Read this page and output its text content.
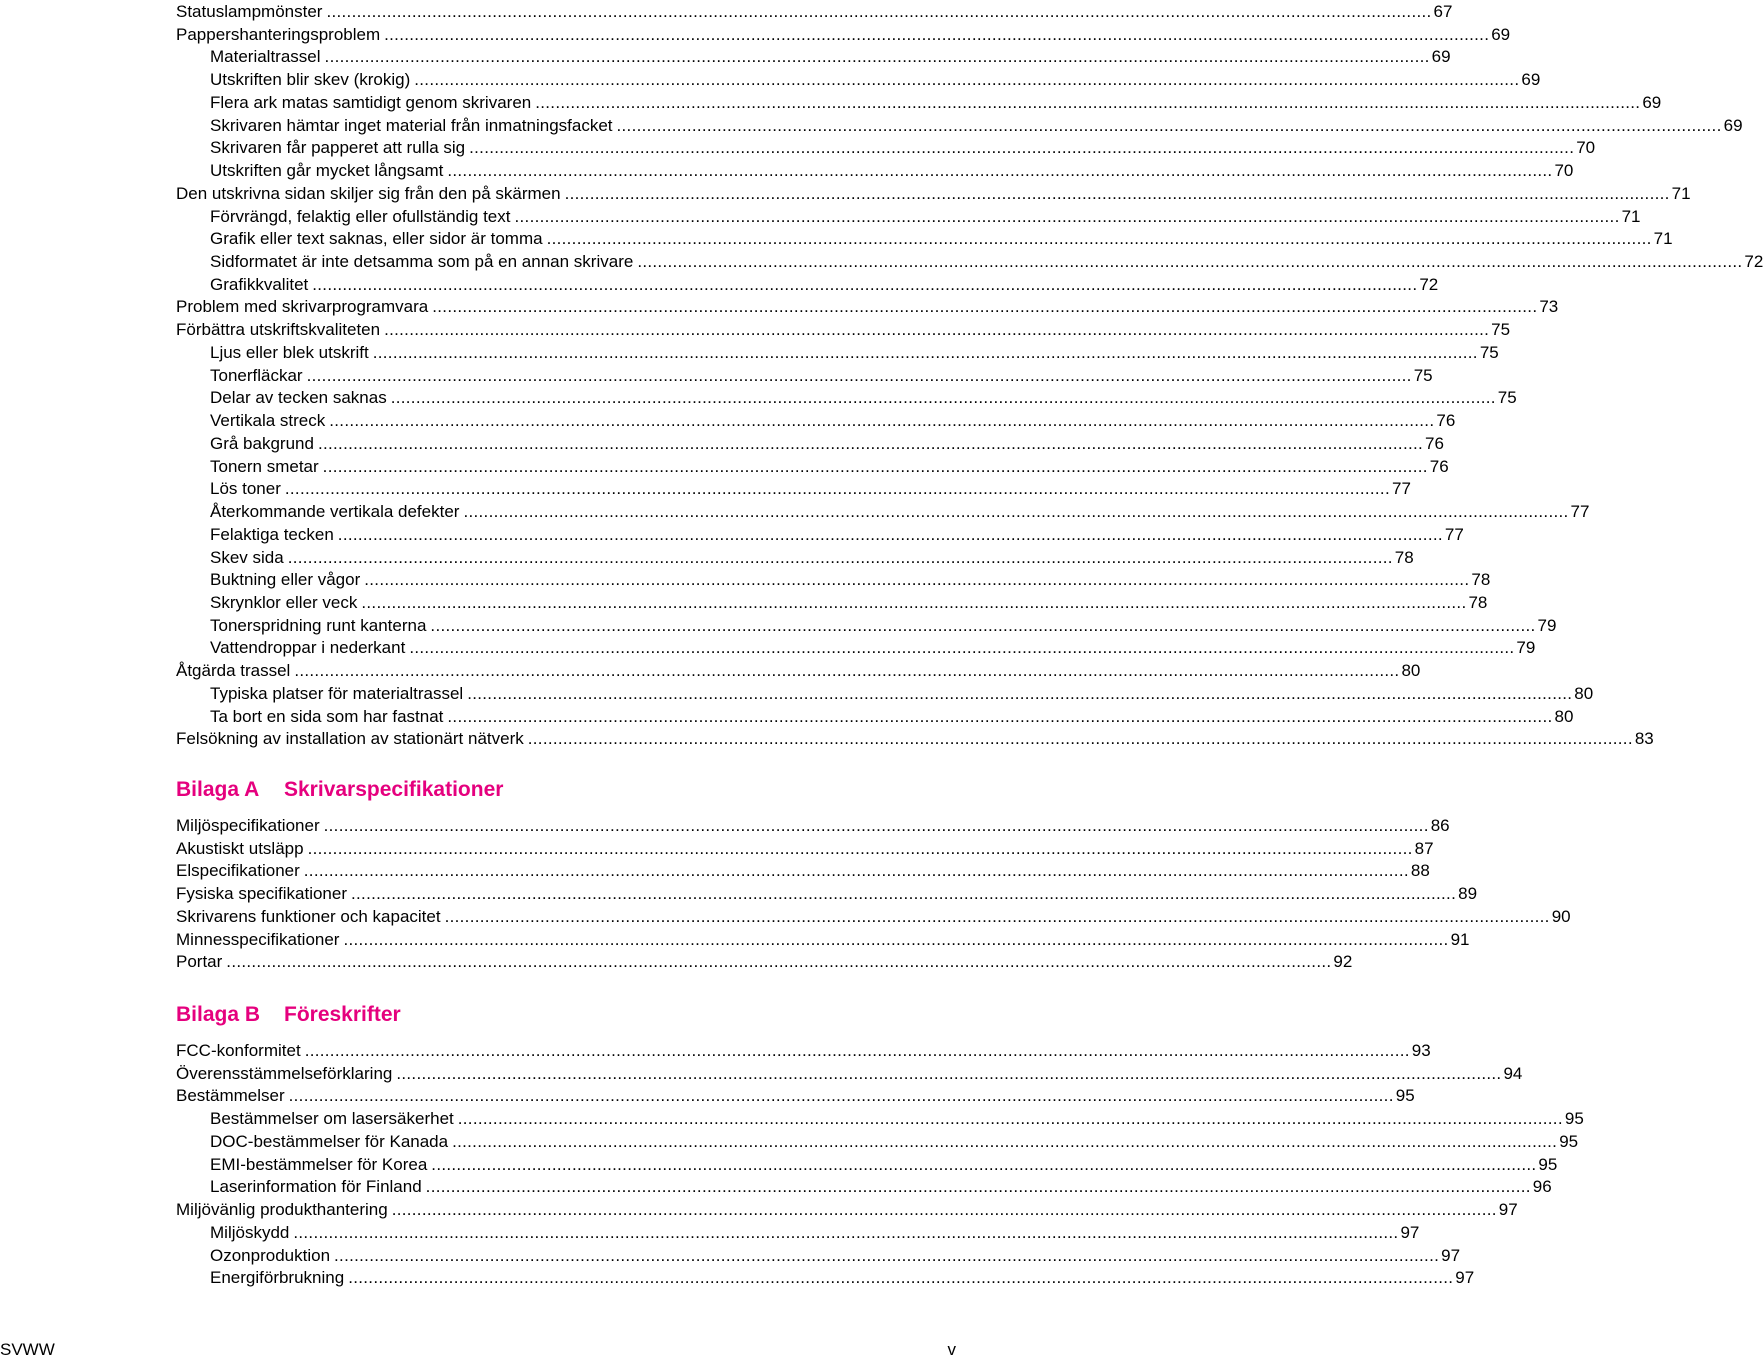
Bilaga A Skrivarspecifikationer
Bilaga B Föreskrifter
Statuslampmönster ............................................................................................................................................................................................................................ 67
Pappershanteringsproblem ............................................................................................................................................................................................................................ 69
Materialtrassel ............................................................................................................................................................................................................................ 69
Utskriften blir skev (krokig) ............................................................................................................................................................................................................................ 69
Flera ark matas samtidigt genom skrivaren ............................................................................................................................................................................................................................ 69
Skrivaren hämtar inget material från inmatningsfacket ............................................................................................................................................................................................................................ 69
Skrivaren får papperet att rulla sig ............................................................................................................................................................................................................................ 70
Utskriften går mycket långsamt ............................................................................................................................................................................................................................ 70
Den utskrivna sidan skiljer sig från den på skärmen ............................................................................................................................................................................................................................ 71
Förvrängd, felaktig eller ofullständig text ............................................................................................................................................................................................................................ 71
Grafik eller text saknas, eller sidor är tomma ............................................................................................................................................................................................................................ 71
Sidformatet är inte detsamma som på en annan skrivare ............................................................................................................................................................................................................................ 72
Grafikkvalitet ............................................................................................................................................................................................................................ 72
Problem med skrivarprogramvara ............................................................................................................................................................................................................................ 73
Förbättra utskriftskvaliteten ............................................................................................................................................................................................................................ 75
Ljus eller blek utskrift ............................................................................................................................................................................................................................ 75
Tonerfläckar ............................................................................................................................................................................................................................ 75
Delar av tecken saknas ............................................................................................................................................................................................................................ 75
Vertikala streck ............................................................................................................................................................................................................................ 76
Grå bakgrund ............................................................................................................................................................................................................................ 76
Tonern smetar ............................................................................................................................................................................................................................ 76
Lös toner ............................................................................................................................................................................................................................ 77
Återkommande vertikala defekter ............................................................................................................................................................................................................................ 77
Felaktiga tecken ............................................................................................................................................................................................................................ 77
Skev sida ............................................................................................................................................................................................................................ 78
Buktning eller vågor ............................................................................................................................................................................................................................ 78
Skrynklor eller veck ............................................................................................................................................................................................................................ 78
Tonerspridning runt kanterna ............................................................................................................................................................................................................................ 79
Vattendroppar i nederkant ............................................................................................................................................................................................................................ 79
Åtgärda trassel ............................................................................................................................................................................................................................ 80
Typiska platser för materialtrassel ............................................................................................................................................................................................................................ 80
Ta bort en sida som har fastnat ............................................................................................................................................................................................................................ 80
Felsökning av installation av stationärt nätverk ............................................................................................................................................................................................................................ 83
Miljöspecifikationer ............................................................................................................................................................................................................................ 86
Akustiskt utsläpp ............................................................................................................................................................................................................................ 87
Elspecifikationer ............................................................................................................................................................................................................................ 88
Fysiska specifikationer ............................................................................................................................................................................................................................ 89
Skrivarens funktioner och kapacitet ............................................................................................................................................................................................................................ 90
Minnesspecifikationer ............................................................................................................................................................................................................................ 91
Portar ............................................................................................................................................................................................................................ 92
FCC-konformitet ............................................................................................................................................................................................................................ 93
Överensstämmelseförklaring ............................................................................................................................................................................................................................ 94
Bestämmelser ............................................................................................................................................................................................................................ 95
Bestämmelser om lasersäkerhet ............................................................................................................................................................................................................................ 95
DOC-bestämmelser för Kanada ............................................................................................................................................................................................................................ 95
EMI-bestämmelser för Korea ............................................................................................................................................................................................................................ 95
Laserinformation för Finland ............................................................................................................................................................................................................................ 96
Miljövänlig produkthantering ............................................................................................................................................................................................................................ 97
Miljöskydd ............................................................................................................................................................................................................................ 97
Ozonproduktion ............................................................................................................................................................................................................................ 97
Energiförbrukning ............................................................................................................................................................................................................................ 97
SVWW	v
